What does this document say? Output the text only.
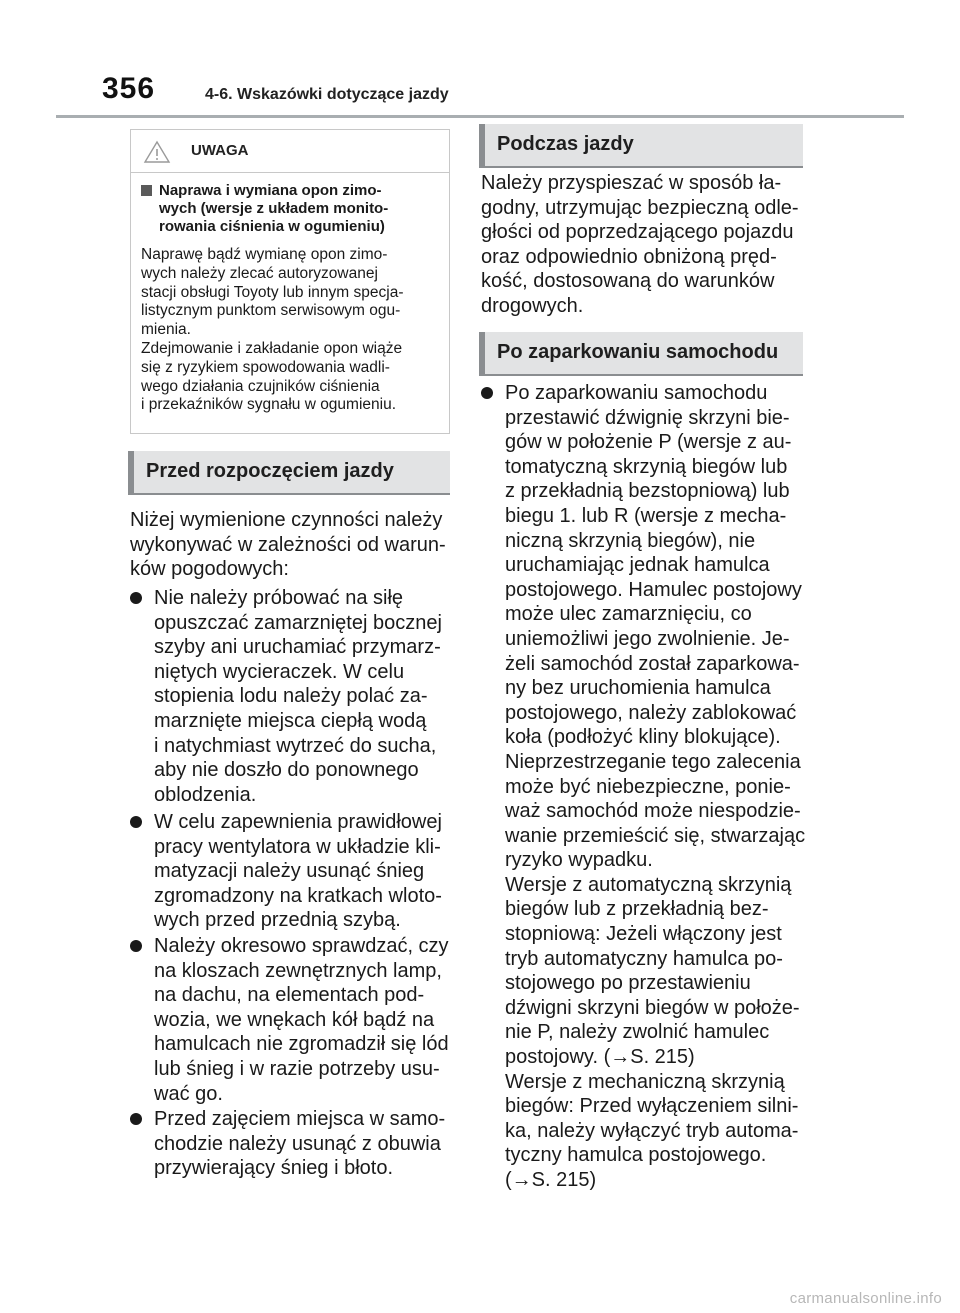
356	4-6. Wskazówki dotyczące jazdy
UWAGA
Naprawa i wymiana opon zimo-
wych (wersje z układem monito-
rowania ciśnienia w ogumieniu)
Naprawę bądź wymianę opon zimo-
wych należy zlecać autoryzowanej
stacji obsługi Toyoty lub innym specja-
listycznym punktom serwisowym ogu-
mienia.
Zdejmowanie i zakładanie opon wiąże
się z ryzykiem spowodowania wadli-
wego działania czujników ciśnienia
i przekaźników sygnału w ogumieniu.
Przed rozpoczęciem jazdy
Niżej wymienione czynności należy
wykonywać w zależności od warun-
ków pogodowych:
Nie należy próbować na siłę
opuszczać zamarzniętej bocznej
szyby ani uruchamiać przymarz-
niętych wycieraczek. W celu
stopienia lodu należy polać za-
marznięte miejsca ciepłą wodą
i natychmiast wytrzeć do sucha,
aby nie doszło do ponownego
oblodzenia.
W celu zapewnienia prawidłowej
pracy wentylatora w układzie kli-
matyzacji należy usunąć śnieg
zgromadzony na kratkach wloto-
wych przed przednią szybą.
Należy okresowo sprawdzać, czy
na kloszach zewnętrznych lamp,
na dachu, na elementach pod-
wozia, we wnękach kół bądź na
hamulcach nie zgromadził się lód
lub śnieg i w razie potrzeby usu-
wać go.
Przed zajęciem miejsca w samo-
chodzie należy usunąć z obuwia
przywierający śnieg i błoto.
Podczas jazdy
Należy przyspieszać w sposób ła-
godny, utrzymując bezpieczną odle-
głości od poprzedzającego pojazdu
oraz odpowiednio obniżoną pręd-
kość, dostosowaną do warunków
drogowych.
Po zaparkowaniu samochodu
Po zaparkowaniu samochodu
przestawić dźwignię skrzyni bie-
gów w położenie P (wersje z au-
tomatyczną skrzynią biegów lub
z przekładnią bezstopniową) lub
biegu 1. lub R (wersje z mecha-
niczną skrzynią biegów), nie
uruchamiając jednak hamulca
postojowego. Hamulec postojowy
może ulec zamarznięciu, co
uniemożliwi jego zwolnienie. Je-
żeli samochód został zaparkowa-
ny bez uruchomienia hamulca
postojowego, należy zablokować
koła (podłożyć kliny blokujące).
Nieprzestrzeganie tego zalecenia
może być niebezpieczne, ponie-
waż samochód może niespodzie-
wanie przemieścić się, stwarzając
ryzyko wypadku.
Wersje z automatyczną skrzynią
biegów lub z przekładnią bez-
stopniową: Jeżeli włączony jest
tryb automatyczny hamulca po-
stojowego po przestawieniu
dźwigni skrzyni biegów w położe-
nie P, należy zwolnić hamulec
postojowy. (→S. 215)
Wersje z mechaniczną skrzynią
biegów: Przed wyłączeniem silni-
ka, należy wyłączyć tryb automa-
tyczny hamulca postojowego.
(→S. 215)
carmanualsonline.info
